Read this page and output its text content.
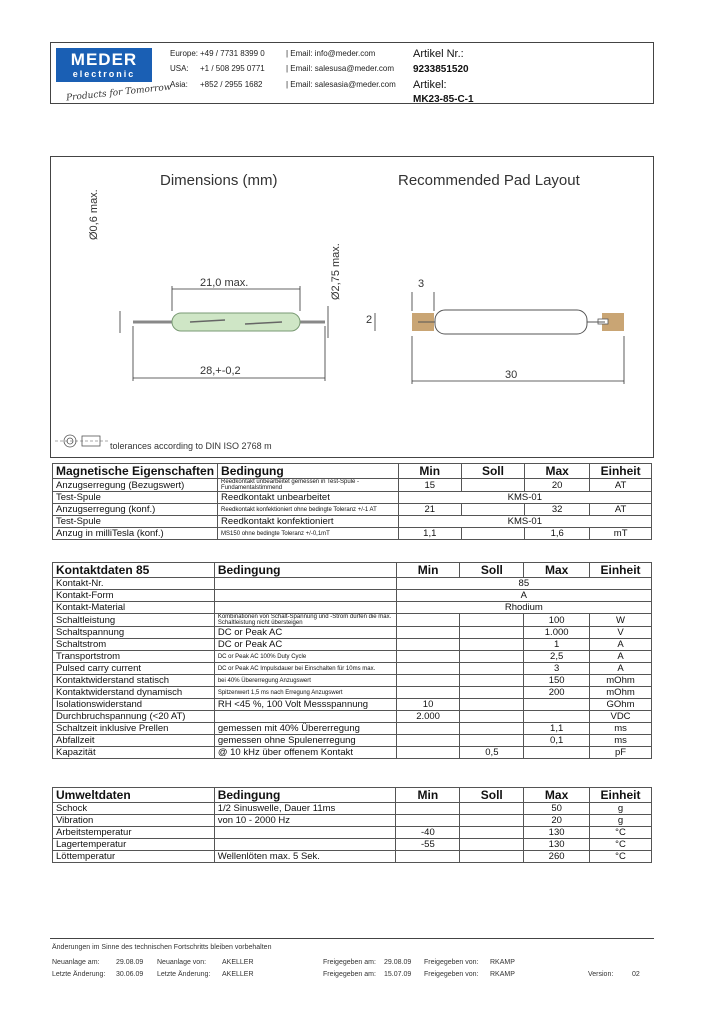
MEDER
electronic
Products for Tomorrow
Europe: +49 / 7731 8399 0	| Email: info@meder.com
USA: +1 / 508 295 0771	| Email: salesusa@meder.com
Asia: +852 / 2955 1682	| Email: salesasia@meder.com
Artikel Nr.:
9233851520
Artikel:
MK23-85-C-1
Dimensions (mm)	Recommended Pad Layout
Ø0,6 max.
21,0 max.	Ø2,75 max.
28,+-0,2
3
2
30
tolerances according to DIN ISO 2768 m
Magnetische Eigenschaften	Bedingung	Min	Soll	Max	Einheit
Anzugserregung (Bezugswert)	Reedkontakt unbearbeitet gemessen in Test-Spule - Fundamentalstimmend	15		20	AT
Test-Spule	Reedkontakt unbearbeitet	KMS-01			
Anzugserregung (konf.)	Reedkontakt konfektioniert ohne bedingte Toleranz +/-1 AT	21		32	AT
Test-Spule	Reedkontakt konfektioniert	KMS-01			
Anzug in milliTesla (konf.)	MS150 ohne bedingte Toleranz +/-0,1mT	1,1		1,6	mT
Kontaktdaten 85	Bedingung	Min	Soll	Max	Einheit
Kontakt-Nr.		85			
Kontakt-Form		A			
Kontakt-Material		Rhodium			
Schaltleistung	Kombinationen von Schalt-Spannung und -Strom dürfen die max. Schaltleistung nicht übersteigen			100	W
Schaltspannung	DC or Peak AC			1.000	V
Schaltstrom	DC or Peak AC			1	A
Transportstrom	DC or Peak AC 100% Duty Cycle			2,5	A
Pulsed carry current	DC or Peak AC Impulsdauer bei Einschalten für 10ms max.			3	A
Kontaktwiderstand statisch	bei 40% Übererregung Anzugswert			150	mOhm
Kontaktwiderstand dynamisch	Spitzenwert 1,5 ms nach Erregung Anzugswert			200	mOhm
Isolationswiderstand	RH <45 %, 100 Volt Messspannung	10			GOhm
Durchbruchspannung (<20 AT)		2.000			VDC
Schaltzeit inklusive Prellen	gemessen mit 40% Übererregung			1,1	ms
Abfallzeit	gemessen ohne Spulenerregung			0,1	ms
Kapazität	@ 10 kHz über offenem Kontakt		0,5		pF
Umweltdaten	Bedingung	Min	Soll	Max	Einheit
Schock	1/2 Sinuswelle, Dauer 11ms			50	g
Vibration	von 10 - 2000 Hz			20	g
Arbeitstemperatur		-40		130	°C
Lagertemperatur		-55		130	°C
Löttemperatur	Wellenlöten max. 5 Sek.			260	°C
Änderungen im Sinne des technischen Fortschritts bleiben vorbehalten
Neuanlage am: 29.08.09 Neuanlage von: AKELLER	Freigegeben am: 29.08.09 Freigegeben von: RKAMP
Letzte Änderung: 30.06.09 Letzte Änderung: AKELLER	Freigegeben am: 15.07.09 Freigegeben von: RKAMP	Version:	02
